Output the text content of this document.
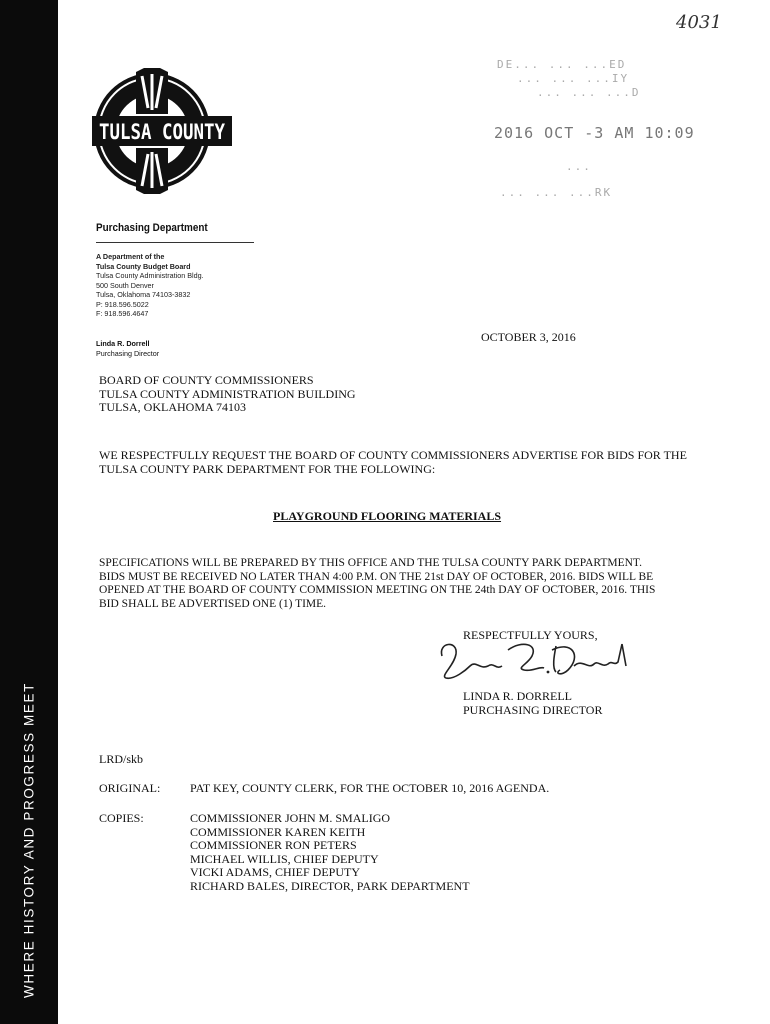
WHERE HISTORY AND PROGRESS MEET
4031
DE... ... ...ED
... ... ...IY
... ... ...D
2016 OCT -3 AM 10:09
...
... ... ...RK
TULSA COUNTY
Purchasing Department
A Department of the
Tulsa County Budget Board
Tulsa County Administration Bldg.
500 South Denver
Tulsa, Oklahoma 74103-3832
P: 918.596.5022
F: 918.596.4647
Linda R. Dorrell
Purchasing Director
OCTOBER 3, 2016
BOARD OF COUNTY COMMISSIONERS
TULSA COUNTY ADMINISTRATION BUILDING
TULSA, OKLAHOMA 74103
WE RESPECTFULLY REQUEST THE BOARD OF COUNTY COMMISSIONERS ADVERTISE FOR BIDS FOR THE
TULSA COUNTY PARK DEPARTMENT FOR THE FOLLOWING:
PLAYGROUND FLOORING MATERIALS
SPECIFICATIONS WILL BE PREPARED BY THIS OFFICE AND THE TULSA COUNTY PARK DEPARTMENT.
BIDS MUST BE RECEIVED NO LATER THAN 4:00 P.M. ON THE 21st DAY OF OCTOBER, 2016. BIDS WILL BE
OPENED AT THE BOARD OF COUNTY COMMISSION MEETING ON THE 24th DAY OF OCTOBER, 2016. THIS
BID SHALL BE ADVERTISED ONE (1) TIME.
RESPECTFULLY YOURS,
LINDA R. DORRELL
PURCHASING DIRECTOR
LRD/skb
ORIGINAL: PAT KEY, COUNTY CLERK, FOR THE OCTOBER 10, 2016 AGENDA.
COPIES:	COMMISSIONER JOHN M. SMALIGO
COMMISSIONER KAREN KEITH
COMMISSIONER RON PETERS
MICHAEL WILLIS, CHIEF DEPUTY
VICKI ADAMS, CHIEF DEPUTY
RICHARD BALES, DIRECTOR, PARK DEPARTMENT
